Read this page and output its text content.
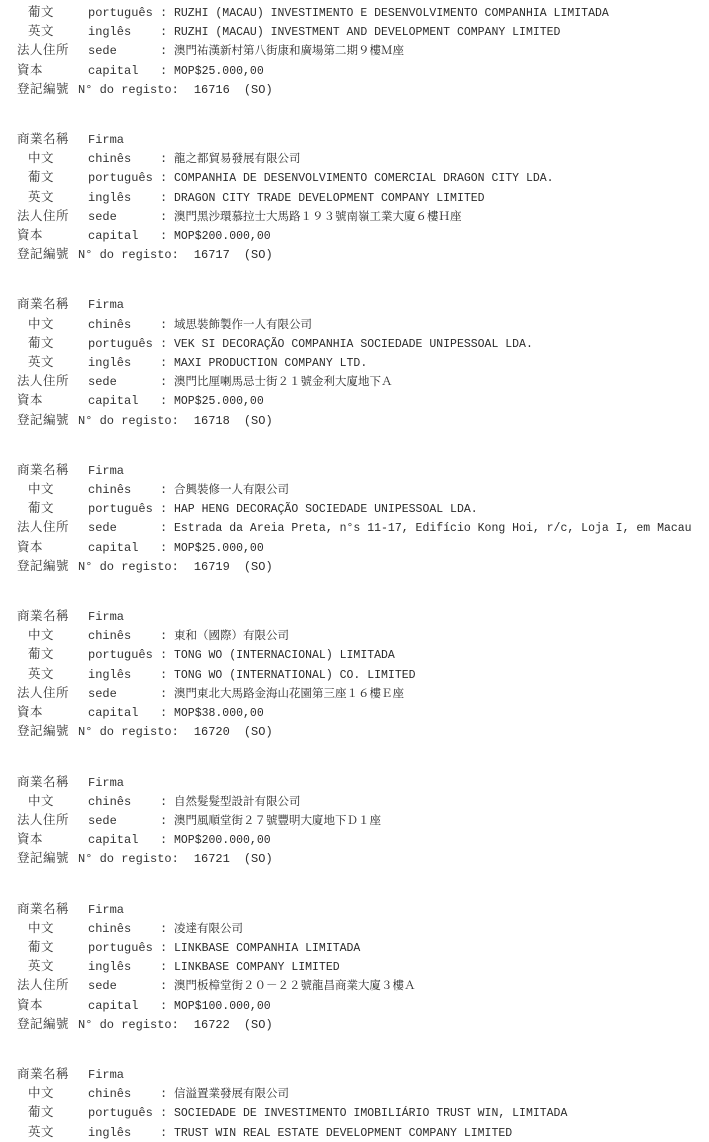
葡文	português : RUZHI (MACAU) INVESTIMENTO E DESENVOLVIMENTO COMPANHIA LIMITADA
英文	inglês	: RUZHI (MACAU) INVESTMENT AND DEVELOPMENT COMPANY LIMITED
法人住所	sede	: 澳門祐漢新村第八街康和廣場第二期９樓Ｍ座
資本	capital	: MOP$25.000,00
登記編號 N° do registo: 16716 (SO)
商業名稱	Firma
中文	chinês	: 龍之都貿易發展有限公司
葡文	português : COMPANHIA DE DESENVOLVIMENTO COMERCIAL DRAGON CITY LDA.
英文	inglês	: DRAGON CITY TRADE DEVELOPMENT COMPANY LIMITED
法人住所	sede	: 澳門黑沙環慕拉士大馬路１９３號南嶺工業大廈６樓Ｈ座
資本	capital	: MOP$200.000,00
登記編號 N° do registo: 16717 (SO)
商業名稱	Firma
中文	chinês	: 域思裝飾製作一人有限公司
葡文	português : VEK SI DECORAÇÃO COMPANHIA SOCIEDADE UNIPESSOAL LDA.
英文	inglês	: MAXI PRODUCTION COMPANY LTD.
法人住所	sede	: 澳門比厘喇馬忌士街２１號金利大廈地下Ａ
資本	capital	: MOP$25.000,00
登記編號 N° do registo: 16718 (SO)
商業名稱	Firma
中文	chinês	: 合興裝修一人有限公司
葡文	português : HAP HENG DECORAÇÃO SOCIEDADE UNIPESSOAL LDA.
法人住所	sede	: Estrada da Areia Preta, n°s 11-17, Edifício Kong Hoi, r/c, Loja I, em Macau
資本	capital	: MOP$25.000,00
登記編號 N° do registo: 16719 (SO)
商業名稱	Firma
中文	chinês	: 東和（國際）有限公司
葡文	português : TONG WO (INTERNACIONAL) LIMITADA
英文	inglês	: TONG WO (INTERNATIONAL) CO. LIMITED
法人住所	sede	: 澳門東北大馬路金海山花園第三座１６樓Ｅ座
資本	capital	: MOP$38.000,00
登記編號 N° do registo: 16720 (SO)
商業名稱	Firma
中文	chinês	: 自然髮髮型設計有限公司
法人住所	sede	: 澳門風順堂街２７號豐明大廈地下Ｄ１座
資本	capital	: MOP$200.000,00
登記編號 N° do registo: 16721 (SO)
商業名稱	Firma
中文	chinês	: 凌達有限公司
葡文	português : LINKBASE COMPANHIA LIMITADA
英文	inglês	: LINKBASE COMPANY LIMITED
法人住所	sede	: 澳門板樟堂街２０－２２號龍昌商業大廈３樓Ａ
資本	capital	: MOP$100.000,00
登記編號 N° do registo: 16722 (SO)
商業名稱	Firma
中文	chinês	: 信溢置業發展有限公司
葡文	português : SOCIEDADE DE INVESTIMENTO IMOBILIÁRIO TRUST WIN, LIMITADA
英文	inglês	: TRUST WIN REAL ESTATE DEVELOPMENT COMPANY LIMITED
